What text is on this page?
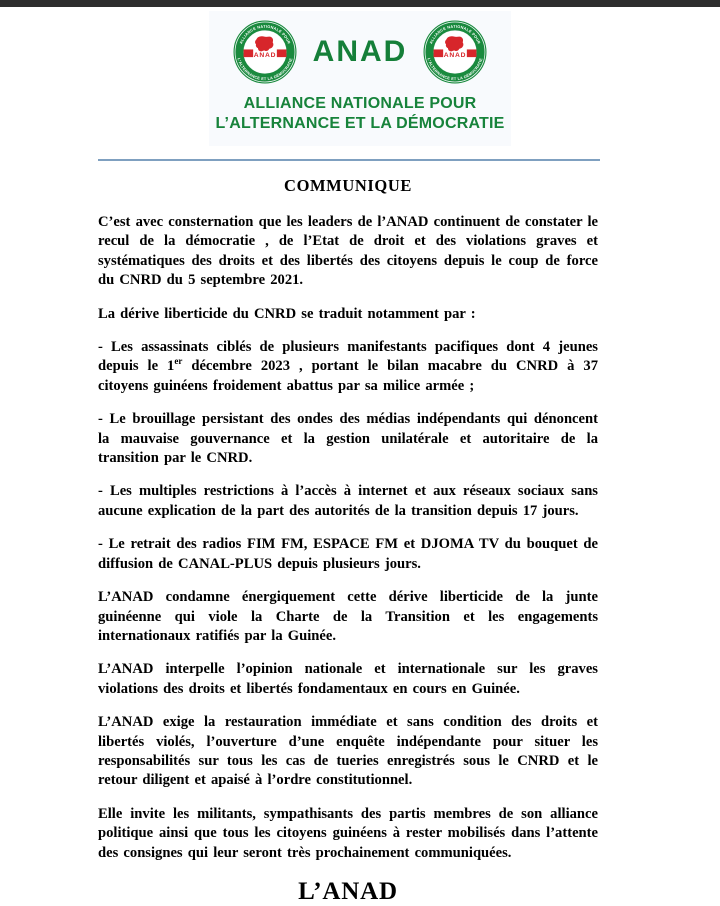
ALLIANCE NATIONALE POUR
L’ALTERNANCE ET LA DÉMOCRATIE
ANAD ANAD	ALLIANCE NATIONALE POUR
L’ALTERNANCE ET LA DÉMOCRATIE
ANAD
ALLIANCE NATIONALE POUR
L’ALTERNANCE ET LA DÉMOCRATIE
COMMUNIQUE

C’est avec consternation que les leaders de l’ANAD continuent de constater le recul de la démocratie , de l’Etat de droit et des violations graves et systématiques des droits et des libertés des citoyens depuis le coup de force du CNRD du 5 septembre 2021.

La dérive liberticide du CNRD se traduit notamment par :

- Les assassinats ciblés de plusieurs manifestants pacifiques dont 4 jeunes depuis le 1er décembre 2023 , portant le bilan macabre du CNRD à 37 citoyens guinéens froidement abattus par sa milice armée ;

- Le brouillage persistant des ondes des médias indépendants qui dénoncent la mauvaise gouvernance et la gestion unilatérale et autoritaire de la transition par le CNRD.

- Les multiples restrictions à l’accès à internet et aux réseaux sociaux sans aucune explication de la part des autorités de la transition depuis 17 jours.

- Le retrait des radios FIM FM, ESPACE FM et DJOMA TV du bouquet de diffusion de CANAL-PLUS depuis plusieurs jours.

L’ANAD condamne énergiquement cette dérive liberticide de la junte guinéenne qui viole la Charte de la Transition et les engagements internationaux ratifiés par la Guinée.

L’ANAD interpelle l’opinion nationale et internationale sur les graves violations des droits et libertés fondamentaux en cours en Guinée.

L’ANAD exige la restauration immédiate et sans condition des droits et libertés violés, l’ouverture d’une enquête indépendante pour situer les responsabilités sur tous les cas de tueries enregistrés sous le CNRD et le retour diligent et apaisé à l’ordre constitutionnel.

Elle invite les militants, sympathisants des partis membres de son alliance politique ainsi que tous les citoyens guinéens à rester mobilisés dans l’attente des consignes qui leur seront très prochainement communiquées.

L’ANAD
